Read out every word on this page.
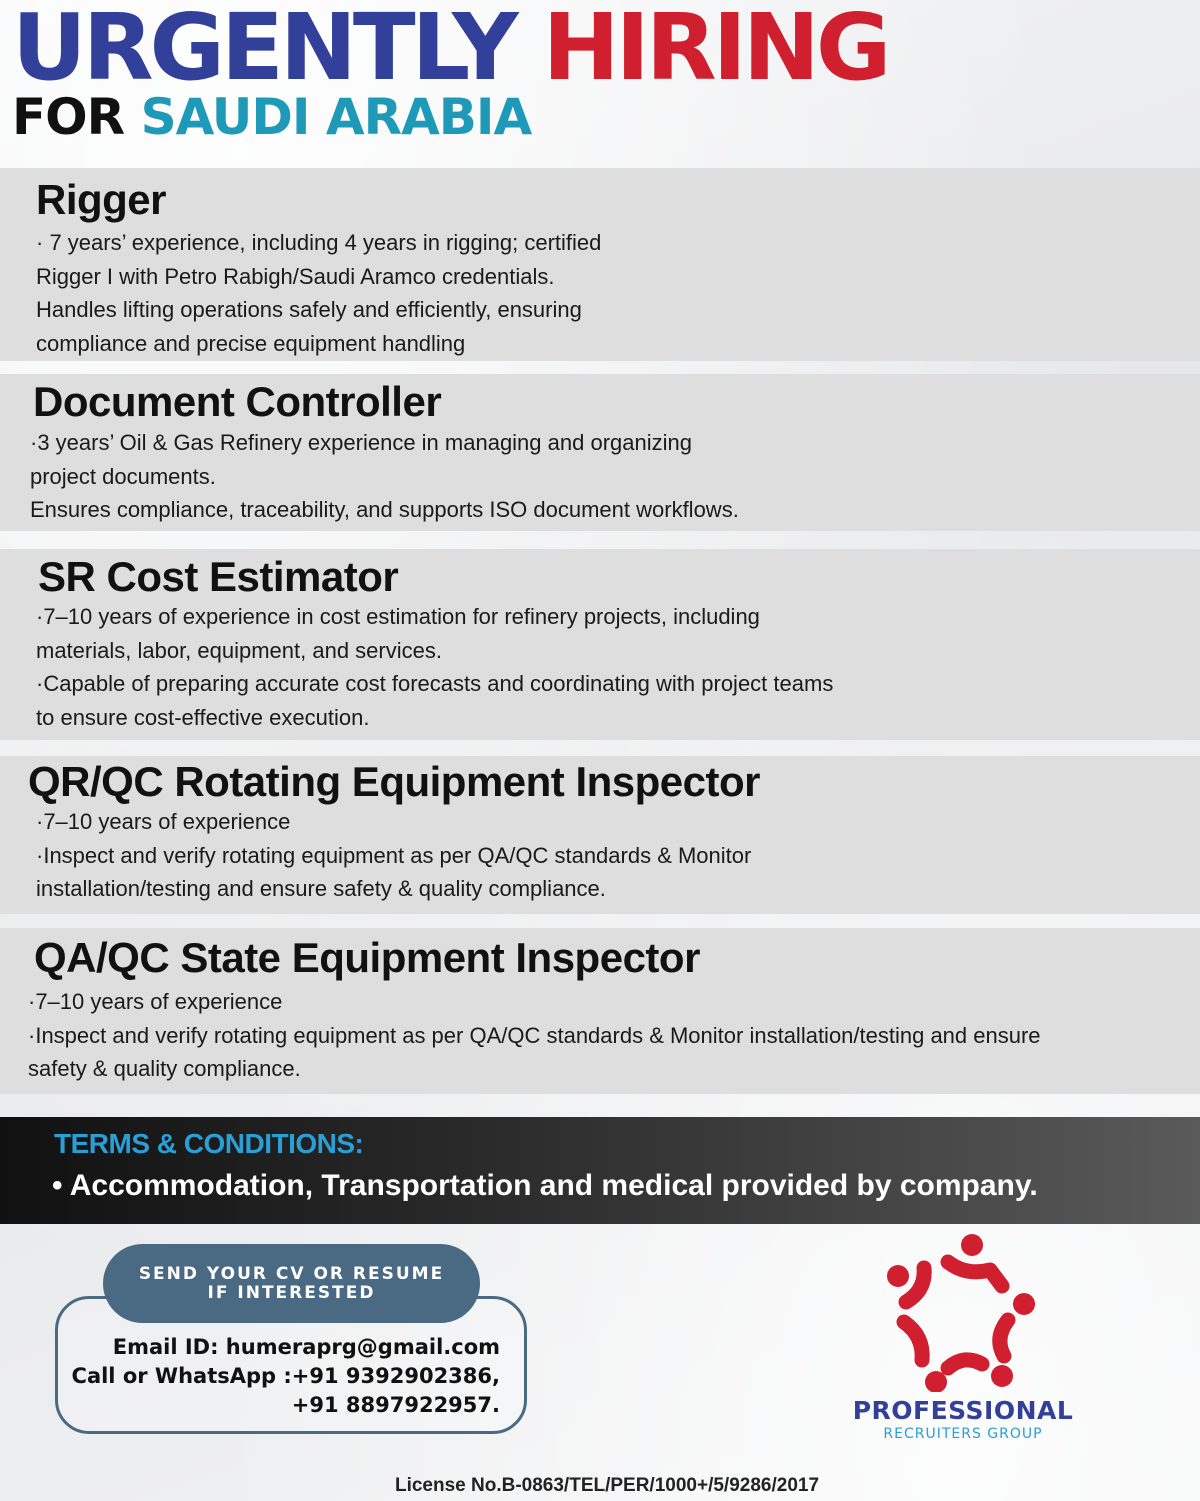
URGENTLY HIRING
FOR SAUDI ARABIA
Rigger

· 7 years’ experience, including 4 years in rigging; certified
Rigger I with Petro Rabigh/Saudi Aramco credentials.
Handles lifting operations safely and efficiently, ensuring
compliance and precise equipment handling

Document Controller

·3 years’ Oil & Gas Refinery experience in managing and organizing
project documents.
Ensures compliance, traceability, and supports ISO document workflows.

SR Cost Estimator

·7–10 years of experience in cost estimation for refinery projects, including
materials, labor, equipment, and services.
·Capable of preparing accurate cost forecasts and coordinating with project teams
to ensure cost-effective execution.

QR/QC Rotating Equipment Inspector

·7–10 years of experience
·Inspect and verify rotating equipment as per QA/QC standards & Monitor
installation/testing and ensure safety & quality compliance.

QA/QC State Equipment Inspector

·7–10 years of experience
·Inspect and verify rotating equipment as per QA/QC standards & Monitor installation/testing and ensure
safety & quality compliance.

TERMS & CONDITIONS:

• Accommodation, Transportation and medical provided by company.

SEND YOUR CV OR RESUME IF INTERESTED
Email ID: humeraprg@gmail.com
Call or WhatsApp :+91 9392902386,
+91 8897922957.	PROFESSIONAL

RECRUITERS GROUP

License No.B-0863/TEL/PER/1000+/5/9286/2017
